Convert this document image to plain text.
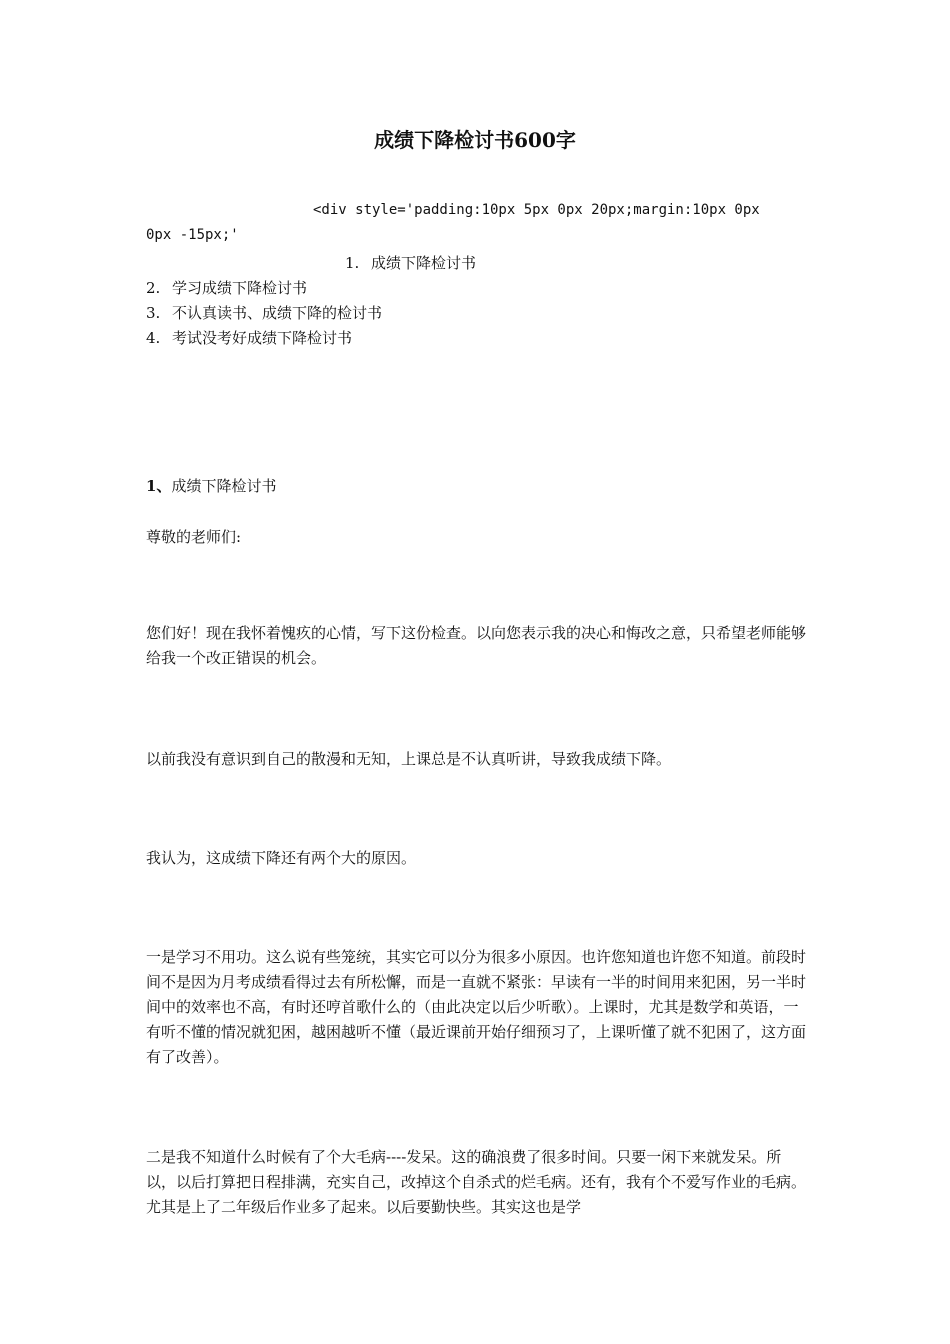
成绩下降检讨书600字
<div style='padding:10px 5px 0px 20px;margin:10px 0px
0px -15px;'
1. 成绩下降检讨书
2. 学习成绩下降检讨书
3. 不认真读书、成绩下降的检讨书
4. 考试没考好成绩下降检讨书
1、成绩下降检讨书
尊敬的老师们:
您们好！现在我怀着愧疚的心情，写下这份检查。以向您表示我的决心和悔改之意，只希望老师能够给我一个改正错误的机会。
以前我没有意识到自己的散漫和无知，上课总是不认真听讲，导致我成绩下降。
我认为，这成绩下降还有两个大的原因。
一是学习不用功。这么说有些笼统，其实它可以分为很多小原因。也许您知道也许您不知道。前段时间不是因为月考成绩看得过去有所松懈，而是一直就不紧张：早读有一半的时间用来犯困，另一半时间中的效率也不高，有时还哼首歌什么的（由此决定以后少听歌）。上课时，尤其是数学和英语，一有听不懂的情况就犯困，越困越听不懂（最近课前开始仔细预习了，上课听懂了就不犯困了，这方面有了改善）。
二是我不知道什么时候有了个大毛病----发呆。这的确浪费了很多时间。只要一闲下来就发呆。所以，以后打算把日程排满，充实自己，改掉这个自杀式的烂毛病。还有，我有个不爱写作业的毛病。尤其是上了二年级后作业多了起来。以后要勤快些。其实这也是学
